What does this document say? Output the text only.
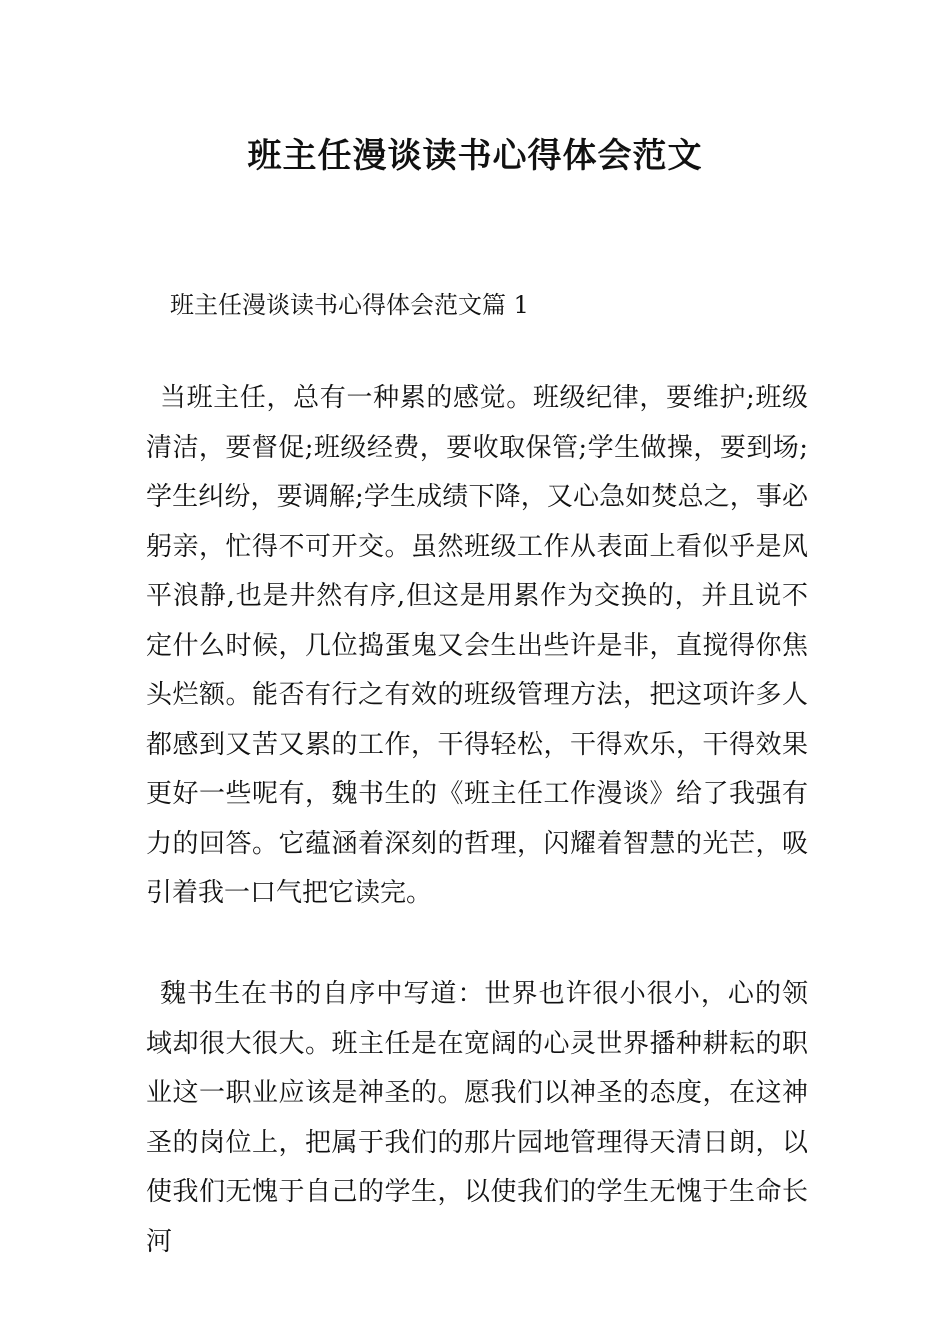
班主任漫谈读书心得体会范文

班主任漫谈读书心得体会范文篇 1

当班主任，总有一种累的感觉。班级纪律，要维护;班级清洁，要督促;班级经费，要收取保管;学生做操，要到场;学生纠纷，要调解;学生成绩下降，又心急如焚总之，事必躬亲，忙得不可开交。虽然班级工作从表面上看似乎是风平浪静,也是井然有序,但这是用累作为交换的，并且说不定什么时候，几位捣蛋鬼又会生出些许是非，直搅得你焦头烂额。能否有行之有效的班级管理方法，把这项许多人都感到又苦又累的工作，干得轻松，干得欢乐，干得效果更好一些呢有，魏书生的《班主任工作漫谈》给了我强有力的回答。它蕴涵着深刻的哲理，闪耀着智慧的光芒，吸引着我一口气把它读完。

魏书生在书的自序中写道：世界也许很小很小，心的领域却很大很大。班主任是在宽阔的心灵世界播种耕耘的职业这一职业应该是神圣的。愿我们以神圣的态度，在这神圣的岗位上，把属于我们的那片园地管理得天清日朗，以使我们无愧于自己的学生，以使我们的学生无愧于生命长河
